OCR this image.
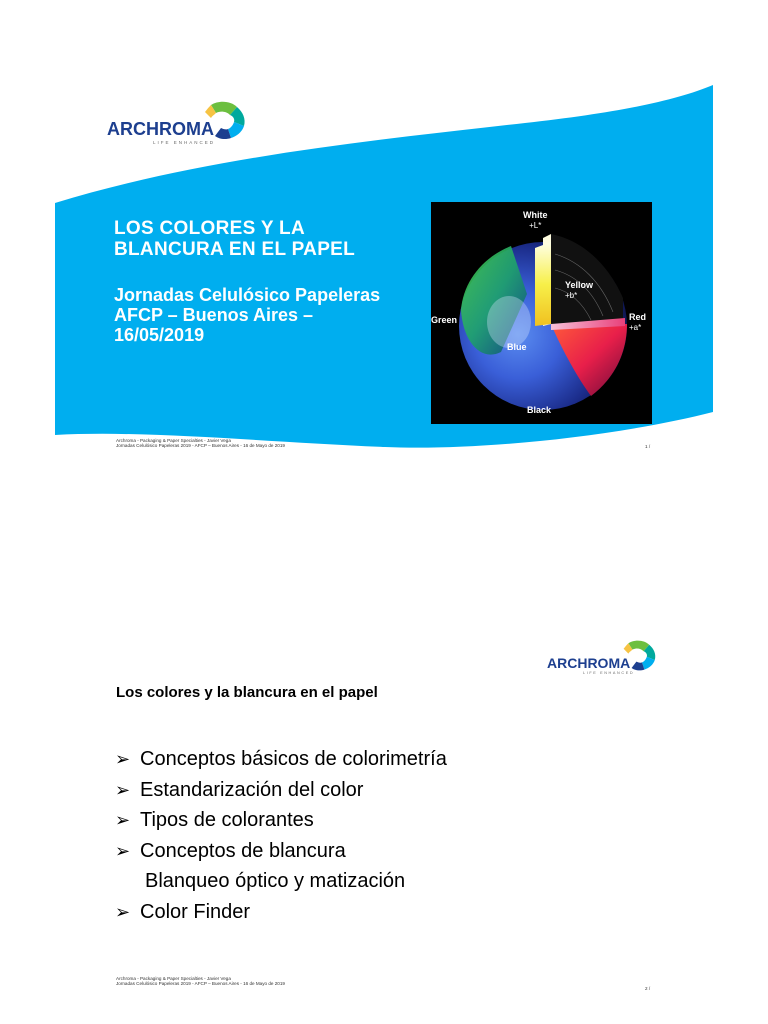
ARCHROMA
LIFE ENHANCED
LOS COLORES Y LA
BLANCURA EN EL PAPEL
Jornadas Celulósico Papeleras
AFCP – Buenos Aires –
16/05/2019
White
+L*
Yellow
+b*
Red
+a*
Green
Blue
Black
Archroma - Packaging & Paper Specialties - Javier Vega
Jornadas Celulósico Papeleras 2019 - AFCP – Buenos Aires - 16 de Mayo de 2019	1 /
ARCHROMA
LIFE ENHANCED
Los colores y la blancura en el papel
➢ Conceptos básicos de colorimetría
➢ Estandarización del color
➢ Tipos de colorantes
➢ Conceptos de blancura
Blanqueo óptico y matización
➢ Color Finder
Archroma - Packaging & Paper Specialties - Javier Vega
Jornadas Celulósico Papeleras 2019 - AFCP – Buenos Aires - 16 de Mayo de 2019
2 /
